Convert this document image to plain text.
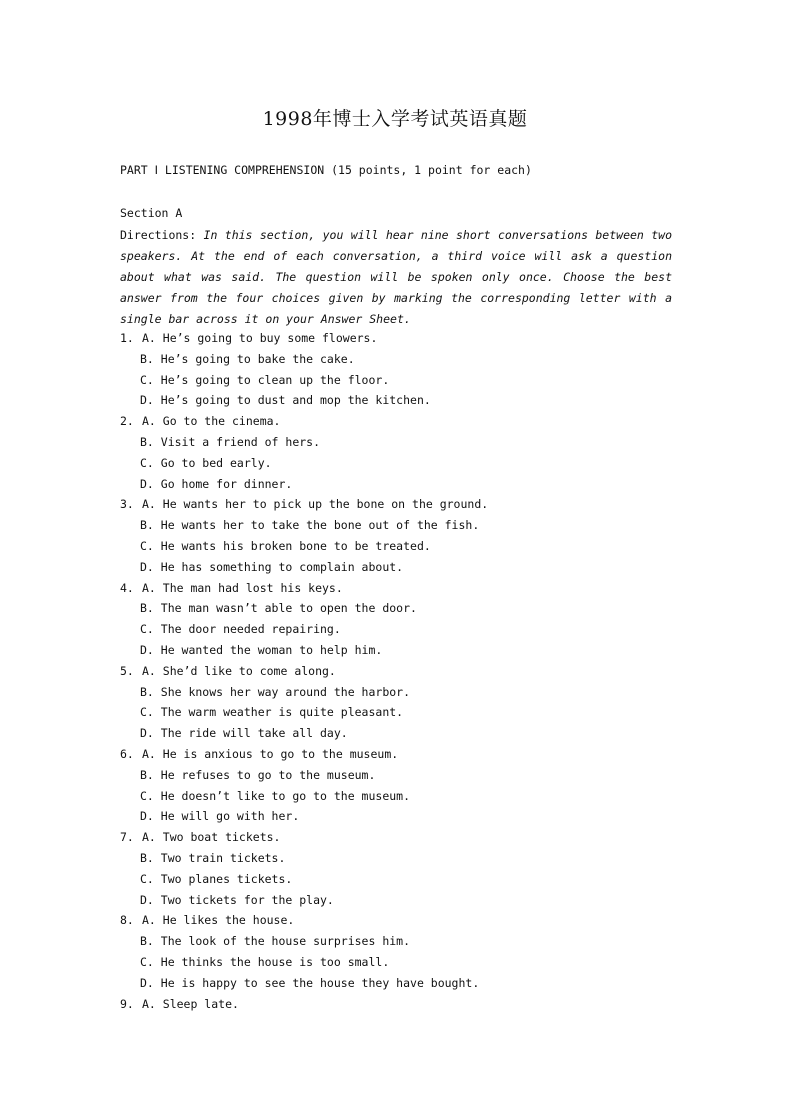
1998年博士入学考试英语真题
PART Ⅰ LISTENING COMPREHENSION (15 points, 1 point for each)
Section A
Directions: In this section, you will hear nine short conversations between two speakers. At the end of each conversation, a third voice will ask a question about what was said. The question will be spoken only once. Choose the best answer from the four choices given by marking the corresponding letter with a single bar across it on your Answer Sheet.
1. A. He’s going to buy some flowers.
B. He’s going to bake the cake.
C. He’s going to clean up the floor.
D. He’s going to dust and mop the kitchen.
2. A. Go to the cinema.
B. Visit a friend of hers.
C. Go to bed early.
D. Go home for dinner.
3. A. He wants her to pick up the bone on the ground.
B. He wants her to take the bone out of the fish.
C. He wants his broken bone to be treated.
D. He has something to complain about.
4. A. The man had lost his keys.
B. The man wasn’t able to open the door.
C. The door needed repairing.
D. He wanted the woman to help him.
5. A. She’d like to come along.
B. She knows her way around the harbor.
C. The warm weather is quite pleasant.
D. The ride will take all day.
6. A. He is anxious to go to the museum.
B. He refuses to go to the museum.
C. He doesn’t like to go to the museum.
D. He will go with her.
7. A. Two boat tickets.
B. Two train tickets.
C. Two planes tickets.
D. Two tickets for the play.
8. A. He likes the house.
B. The look of the house surprises him.
C. He thinks the house is too small.
D. He is happy to see the house they have bought.
9. A. Sleep late.
